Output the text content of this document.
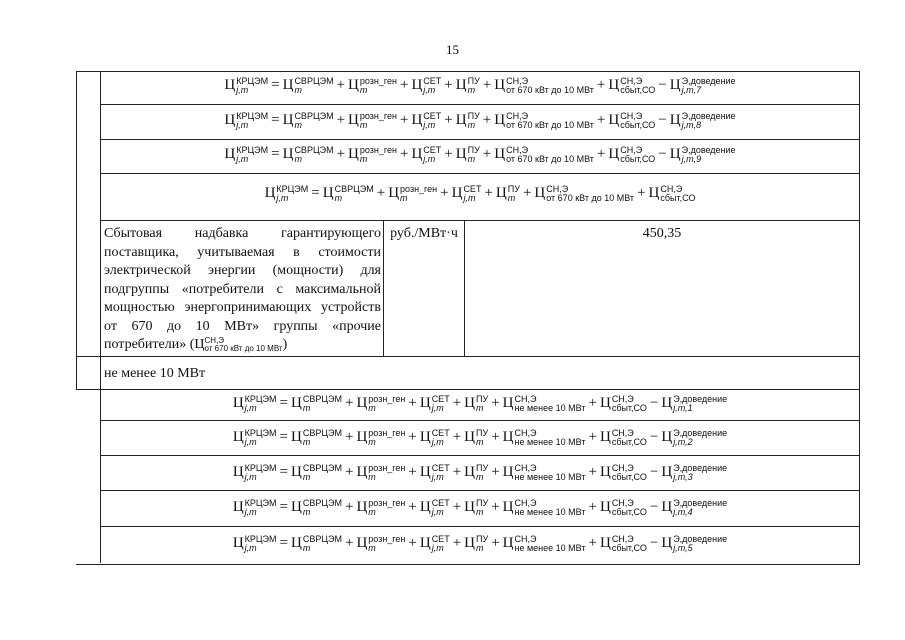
15
Ц КРЦЭМ
j,m	= Ц СВРЦЭМ
m	+ Ц розн_ген
m	+ Ц СЕТ
j,m + Ц ПУ
m + Ц СН,Э
от 670 кВт до 10 МВт + Ц СН,Э
сбыт,СО − Ц Э,доведение
j,m,7
Ц КРЦЭМ
j,m	= Ц СВРЦЭМ
m	+ Ц розн_ген
m	+ Ц СЕТ
j,m + Ц ПУ
m + Ц СН,Э
от 670 кВт до 10 МВт + Ц СН,Э
сбыт,СО − Ц Э,доведение
j,m,8
Ц КРЦЭМ
j,m	= Ц СВРЦЭМ
m	+ Ц розн_ген
m	+ Ц СЕТ
j,m + Ц ПУ
m + Ц СН,Э
от 670 кВт до 10 МВт + Ц СН,Э
сбыт,СО − Ц Э,доведение
j,m,9
Ц КРЦЭМ
j,m	= Ц СВРЦЭМ
m	+ Ц розн_ген
m	+ Ц СЕТ
j,m + Ц ПУ
m + Ц СН,Э
от 670 кВт до 10 МВт + Ц СН,Э
сбыт,СО
Сбытовая надбавка гарантирующего поставщика, учитываемая в стоимости электрической энергии (мощности) для подгруппы «потребители с максимальной мощностью энергопринимающих устройств от 670 до 10 МВт» группы «прочие потребители» (Ц СН,Э
от 670 кВт до 10 МВт )
руб./МВт·ч	450,35
не менее 10 МВт
Ц КРЦЭМ
j,m	= Ц СВРЦЭМ
m	+ Ц розн_ген
m	+ Ц СЕТ
j,m + Ц ПУ
m + Ц СН,Э
не менее 10 МВт + Ц СН,Э
сбыт,СО − Ц Э,доведение
j,m,1
Ц КРЦЭМ
j,m	= Ц СВРЦЭМ
m	+ Ц розн_ген
m	+ Ц СЕТ
j,m + Ц ПУ
m + Ц СН,Э
не менее 10 МВт + Ц СН,Э
сбыт,СО − Ц Э,доведение
j,m,2
Ц КРЦЭМ
j,m	= Ц СВРЦЭМ
m	+ Ц розн_ген
m	+ Ц СЕТ
j,m + Ц ПУ
m + Ц СН,Э
не менее 10 МВт + Ц СН,Э
сбыт,СО − Ц Э,доведение
j,m,3
Ц КРЦЭМ
j,m	= Ц СВРЦЭМ
m	+ Ц розн_ген
m	+ Ц СЕТ
j,m + Ц ПУ
m + Ц СН,Э
не менее 10 МВт + Ц СН,Э
сбыт,СО − Ц Э,доведение
j,m,4
Ц КРЦЭМ
j,m	= Ц СВРЦЭМ
m	+ Ц розн_ген
m	+ Ц СЕТ
j,m + Ц ПУ
m + Ц СН,Э
не менее 10 МВт + Ц СН,Э
сбыт,СО − Ц Э,доведение
j,m,5
